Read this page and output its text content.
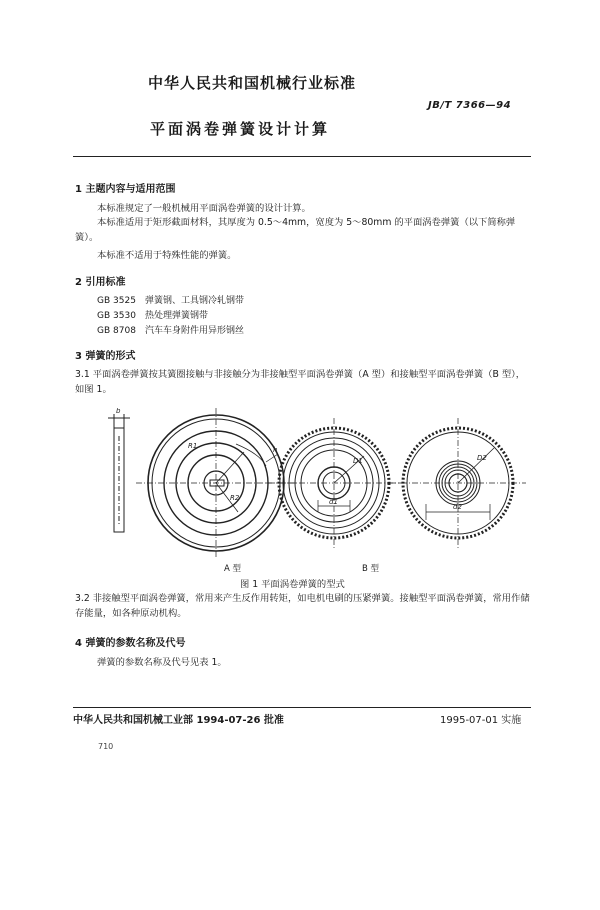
中华人民共和国机械行业标准
JB/T 7366—94
平面涡卷弹簧设计计算
1 主题内容与适用范围
本标准规定了一般机械用平面涡卷弹簧的设计计算。
本标准适用于矩形截面材料，其厚度为 0.5～4mm，宽度为 5～80mm 的平面涡卷弹簧（以下简称弹簧）。
本标准不适用于特殊性能的弹簧。
2 引用标准
GB 3525 弹簧钢、工具钢冷轧钢带
GB 3530 热处理弹簧钢带
GB 8708 汽车车身附件用异形钢丝
3 弹簧的形式
3.1 平面涡卷弹簧按其簧圈接触与非接触分为非接触型平面涡卷弹簧（A 型）和接触型平面涡卷弹簧（B 型），如图 1。
b
R1
R2
h
D1
d1
D2
d2
A 型	B 型
图 1 平面涡卷弹簧的型式
3.2 非接触型平面涡卷弹簧，常用来产生反作用转矩，如电机电刷的压紧弹簧。接触型平面涡卷弹簧，常用作储存能量，如各种原动机构。
4 弹簧的参数名称及代号
弹簧的参数名称及代号见表 1。
中华人民共和国机械工业部 1994-07-26 批准	1995-07-01 实施
710
